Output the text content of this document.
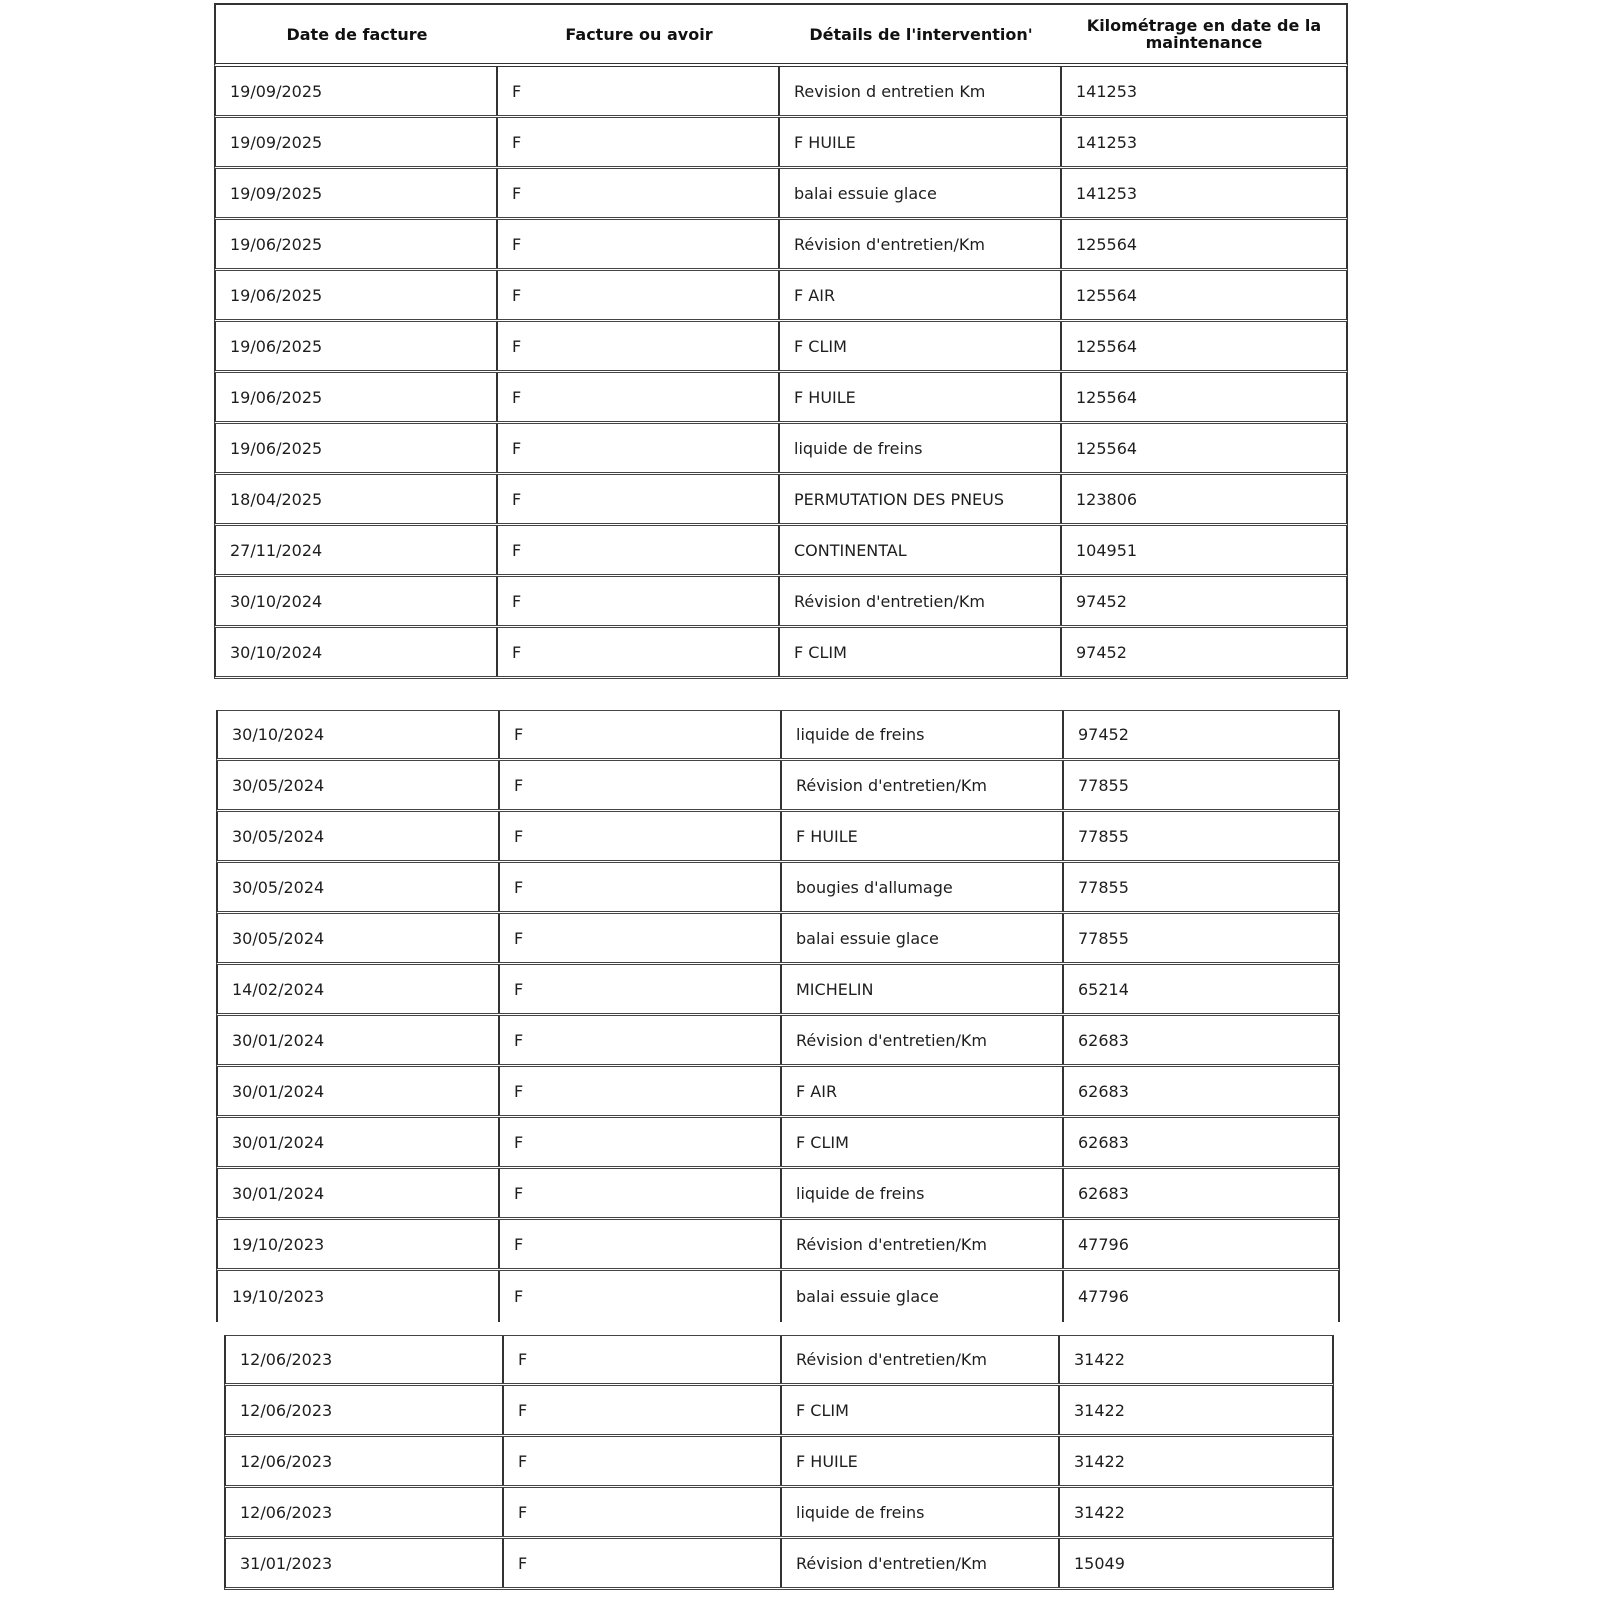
Date de facture	Facture ou avoir	Détails de l'intervention'	Kilométrage en date de la maintenance
19/09/2025	F	Revision d entretien Km	141253
19/09/2025	F	F HUILE	141253
19/09/2025	F	balai essuie glace	141253
19/06/2025	F	Révision d'entretien/Km	125564
19/06/2025	F	F AIR	125564
19/06/2025	F	F CLIM	125564
19/06/2025	F	F HUILE	125564
19/06/2025	F	liquide de freins	125564
18/04/2025	F	PERMUTATION DES PNEUS	123806
27/11/2024	F	CONTINENTAL	104951
30/10/2024	F	Révision d'entretien/Km	97452
30/10/2024	F	F CLIM	97452
30/10/2024	F	liquide de freins	97452
30/05/2024	F	Révision d'entretien/Km	77855
30/05/2024	F	F HUILE	77855
30/05/2024	F	bougies d'allumage	77855
30/05/2024	F	balai essuie glace	77855
14/02/2024	F	MICHELIN	65214
30/01/2024	F	Révision d'entretien/Km	62683
30/01/2024	F	F AIR	62683
30/01/2024	F	F CLIM	62683
30/01/2024	F	liquide de freins	62683
19/10/2023	F	Révision d'entretien/Km	47796
19/10/2023	F	balai essuie glace	47796
12/06/2023	F	Révision d'entretien/Km	31422
12/06/2023	F	F CLIM	31422
12/06/2023	F	F HUILE	31422
12/06/2023	F	liquide de freins	31422
31/01/2023	F	Révision d'entretien/Km	15049
